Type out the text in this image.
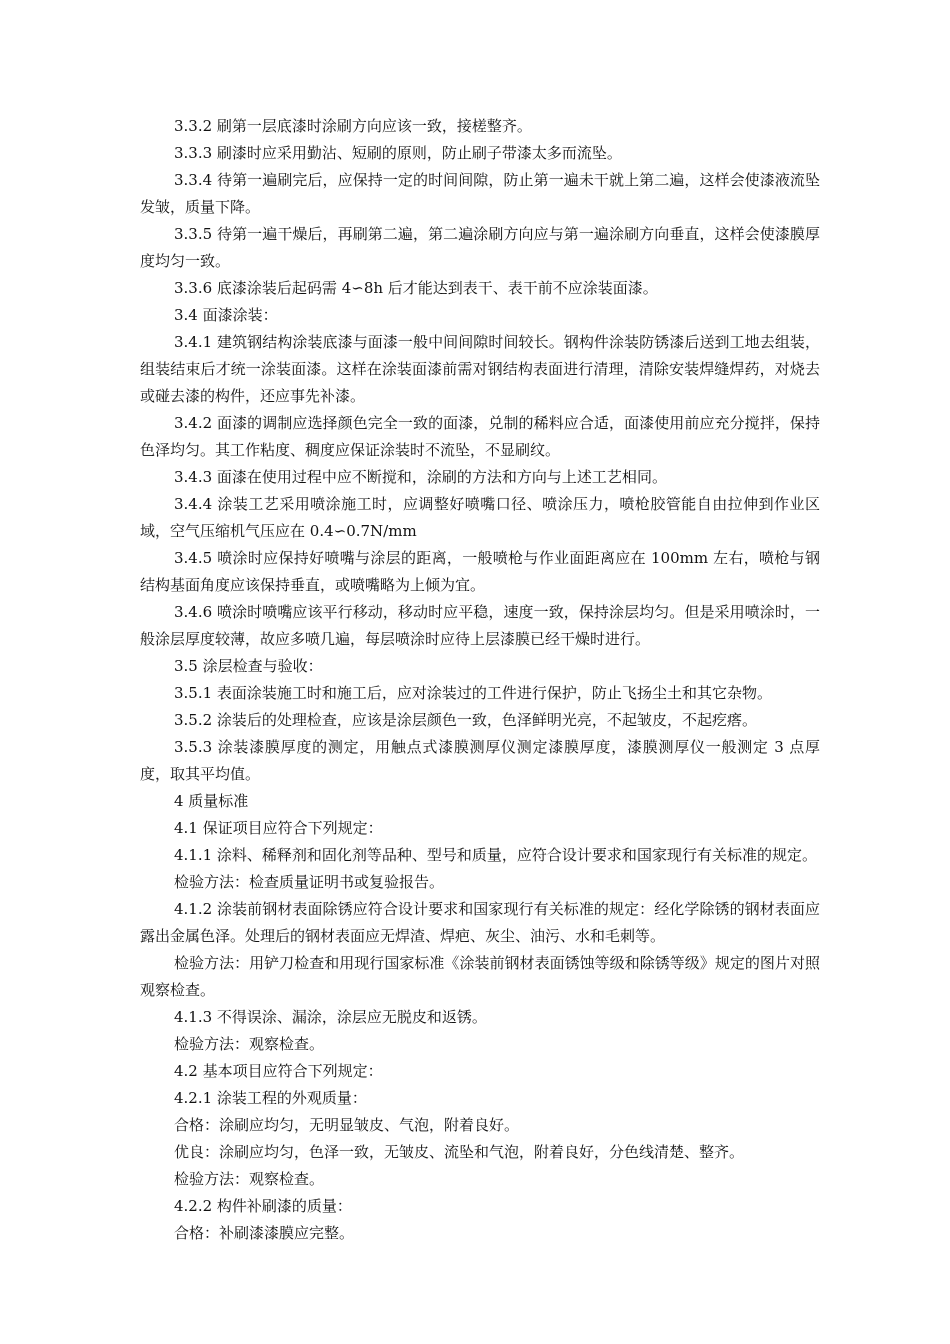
3.3.2 刷第一层底漆时涂刷方向应该一致，接槎整齐。

3.3.3 刷漆时应采用勤沾、短刷的原则，防止刷子带漆太多而流坠。

3.3.4 待第一遍刷完后，应保持一定的时间间隙，防止第一遍未干就上第二遍，这样会使漆液流坠发皱，质量下降。

3.3.5 待第一遍干燥后，再刷第二遍，第二遍涂刷方向应与第一遍涂刷方向垂直，这样会使漆膜厚度均匀一致。

3.3.6 底漆涂装后起码需 4∽8h 后才能达到表干、表干前不应涂装面漆。

3.4 面漆涂装：

3.4.1 建筑钢结构涂装底漆与面漆一般中间间隙时间较长。钢构件涂装防锈漆后送到工地去组装，组装结束后才统一涂装面漆。这样在涂装面漆前需对钢结构表面进行清理，清除安装焊缝焊药，对烧去或碰去漆的构件，还应事先补漆。

3.4.2 面漆的调制应选择颜色完全一致的面漆，兑制的稀料应合适，面漆使用前应充分搅拌，保持色泽均匀。其工作粘度、稠度应保证涂装时不流坠，不显刷纹。

3.4.3 面漆在使用过程中应不断搅和，涂刷的方法和方向与上述工艺相同。

3.4.4 涂装工艺采用喷涂施工时，应调整好喷嘴口径、喷涂压力，喷枪胶管能自由拉伸到作业区域，空气压缩机气压应在 0.4∽0.7N/mm

3.4.5 喷涂时应保持好喷嘴与涂层的距离，一般喷枪与作业面距离应在 100mm 左右，喷枪与钢结构基面角度应该保持垂直，或喷嘴略为上倾为宜。

3.4.6 喷涂时喷嘴应该平行移动，移动时应平稳，速度一致，保持涂层均匀。但是采用喷涂时，一般涂层厚度较薄，故应多喷几遍，每层喷涂时应待上层漆膜已经干燥时进行。

3.5 涂层检查与验收：

3.5.1 表面涂装施工时和施工后，应对涂装过的工件进行保护，防止飞扬尘土和其它杂物。

3.5.2 涂装后的处理检查，应该是涂层颜色一致，色泽鲜明光亮，不起皱皮，不起疙瘩。

3.5.3 涂装漆膜厚度的测定，用触点式漆膜测厚仪测定漆膜厚度，漆膜测厚仪一般测定 3 点厚度，取其平均值。

4 质量标准

4.1 保证项目应符合下列规定：

4.1.1 涂料、稀释剂和固化剂等品种、型号和质量，应符合设计要求和国家现行有关标准的规定。

检验方法：检查质量证明书或复验报告。

4.1.2 涂装前钢材表面除锈应符合设计要求和国家现行有关标准的规定：经化学除锈的钢材表面应露出金属色泽。处理后的钢材表面应无焊渣、焊疤、灰尘、油污、水和毛刺等。

检验方法：用铲刀检查和用现行国家标准《涂装前钢材表面锈蚀等级和除锈等级》规定的图片对照观察检查。

4.1.3 不得误涂、漏涂，涂层应无脱皮和返锈。

检验方法：观察检查。

4.2 基本项目应符合下列规定：

4.2.1 涂装工程的外观质量：

合格：涂刷应均匀，无明显皱皮、气泡，附着良好。

优良：涂刷应均匀，色泽一致，无皱皮、流坠和气泡，附着良好，分色线清楚、整齐。

检验方法：观察检查。

4.2.2 构件补刷漆的质量：

合格：补刷漆漆膜应完整。
